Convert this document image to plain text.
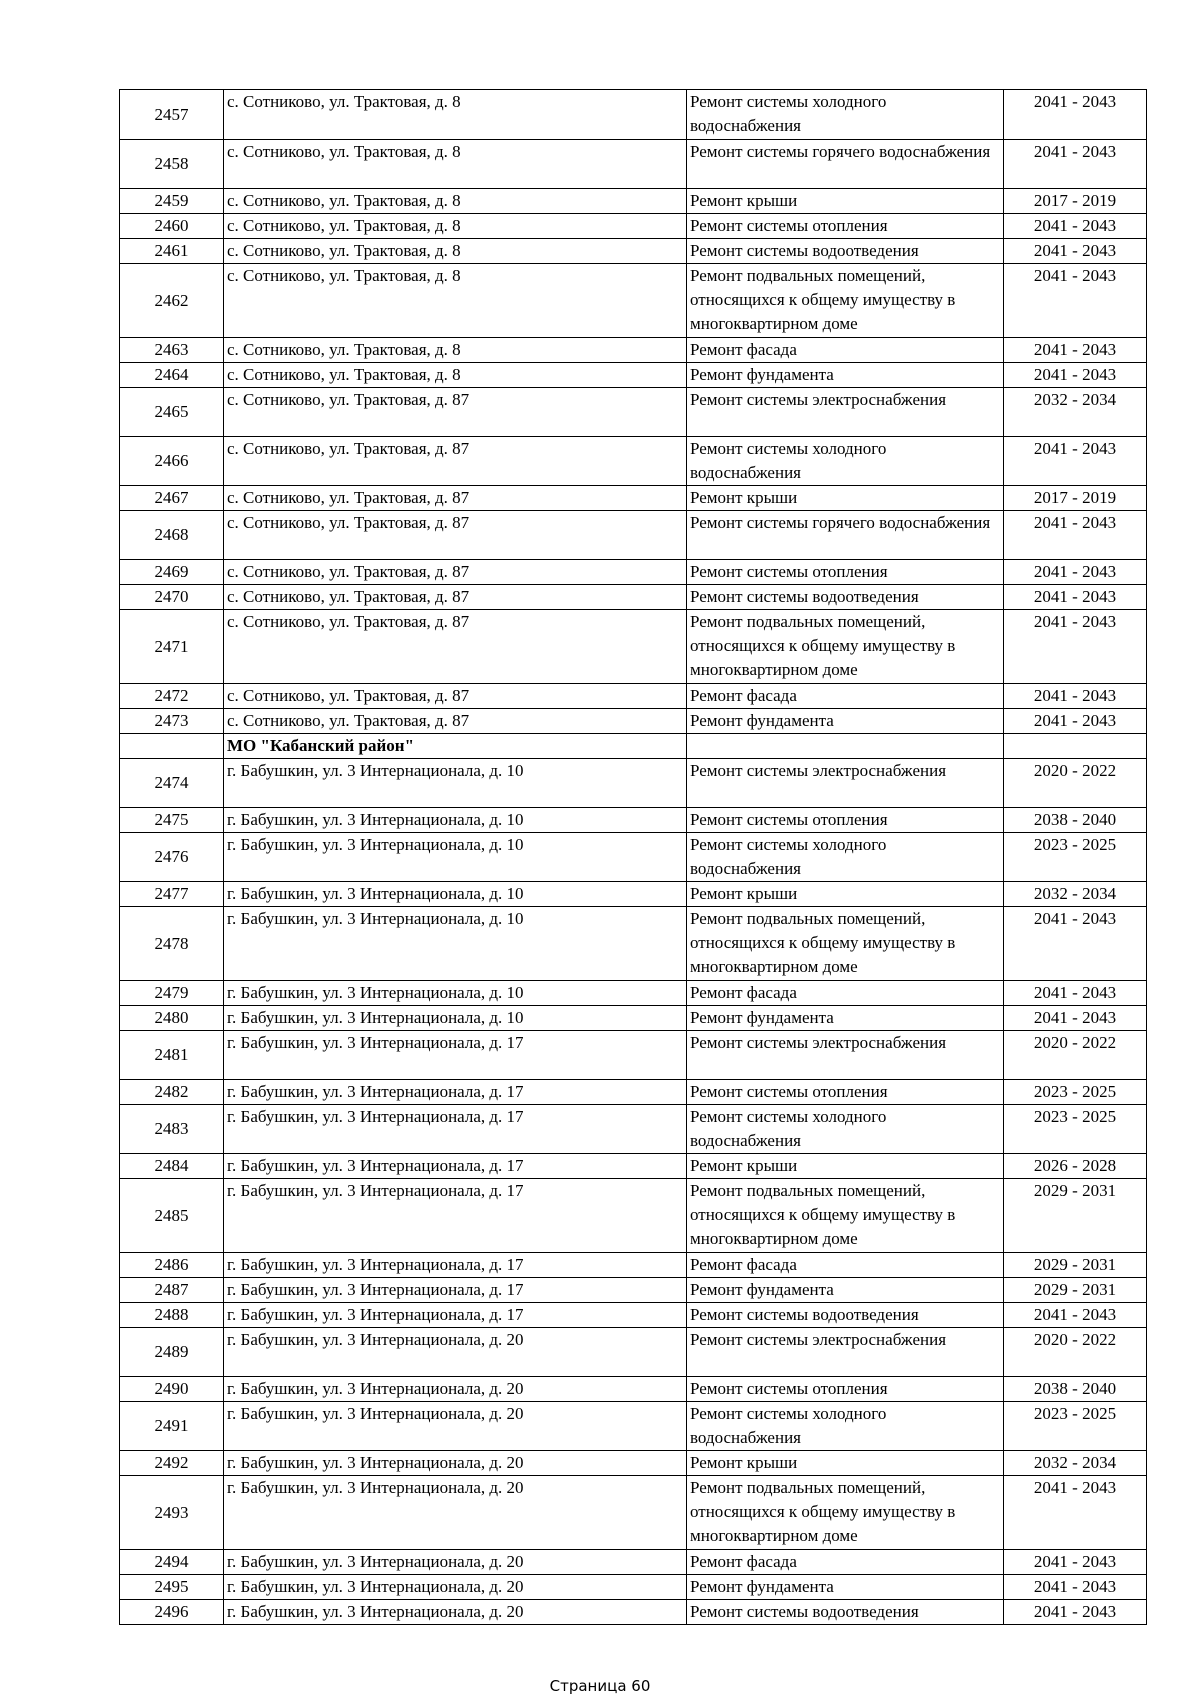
2457	с. Сотниково, ул. Трактовая, д. 8	Ремонт системы холодного водоснабжения	2041 - 2043
2458	с. Сотниково, ул. Трактовая, д. 8	Ремонт системы горячего водоснабжения	2041 - 2043
2459	с. Сотниково, ул. Трактовая, д. 8	Ремонт крыши	2017 - 2019
2460	с. Сотниково, ул. Трактовая, д. 8	Ремонт системы отопления	2041 - 2043
2461	с. Сотниково, ул. Трактовая, д. 8	Ремонт системы водоотведения	2041 - 2043
2462	с. Сотниково, ул. Трактовая, д. 8	Ремонт подвальных помещений, относящихся к общему имуществу в многоквартирном доме	2041 - 2043
2463	с. Сотниково, ул. Трактовая, д. 8	Ремонт фасада	2041 - 2043
2464	с. Сотниково, ул. Трактовая, д. 8	Ремонт фундамента	2041 - 2043
2465	с. Сотниково, ул. Трактовая, д. 87	Ремонт системы электроснабжения	2032 - 2034
2466	с. Сотниково, ул. Трактовая, д. 87	Ремонт системы холодного водоснабжения	2041 - 2043
2467	с. Сотниково, ул. Трактовая, д. 87	Ремонт крыши	2017 - 2019
2468	с. Сотниково, ул. Трактовая, д. 87	Ремонт системы горячего водоснабжения	2041 - 2043
2469	с. Сотниково, ул. Трактовая, д. 87	Ремонт системы отопления	2041 - 2043
2470	с. Сотниково, ул. Трактовая, д. 87	Ремонт системы водоотведения	2041 - 2043
2471	с. Сотниково, ул. Трактовая, д. 87	Ремонт подвальных помещений, относящихся к общему имуществу в многоквартирном доме	2041 - 2043
2472	с. Сотниково, ул. Трактовая, д. 87	Ремонт фасада	2041 - 2043
2473	с. Сотниково, ул. Трактовая, д. 87	Ремонт фундамента	2041 - 2043
	МО "Кабанский район"		
2474	г. Бабушкин, ул. 3 Интернационала, д. 10	Ремонт системы электроснабжения	2020 - 2022
2475	г. Бабушкин, ул. 3 Интернационала, д. 10	Ремонт системы отопления	2038 - 2040
2476	г. Бабушкин, ул. 3 Интернационала, д. 10	Ремонт системы холодного водоснабжения	2023 - 2025
2477	г. Бабушкин, ул. 3 Интернационала, д. 10	Ремонт крыши	2032 - 2034
2478	г. Бабушкин, ул. 3 Интернационала, д. 10	Ремонт подвальных помещений, относящихся к общему имуществу в многоквартирном доме	2041 - 2043
2479	г. Бабушкин, ул. 3 Интернационала, д. 10	Ремонт фасада	2041 - 2043
2480	г. Бабушкин, ул. 3 Интернационала, д. 10	Ремонт фундамента	2041 - 2043
2481	г. Бабушкин, ул. 3 Интернационала, д. 17	Ремонт системы электроснабжения	2020 - 2022
2482	г. Бабушкин, ул. 3 Интернационала, д. 17	Ремонт системы отопления	2023 - 2025
2483	г. Бабушкин, ул. 3 Интернационала, д. 17	Ремонт системы холодного водоснабжения	2023 - 2025
2484	г. Бабушкин, ул. 3 Интернационала, д. 17	Ремонт крыши	2026 - 2028
2485	г. Бабушкин, ул. 3 Интернационала, д. 17	Ремонт подвальных помещений, относящихся к общему имуществу в многоквартирном доме	2029 - 2031
2486	г. Бабушкин, ул. 3 Интернационала, д. 17	Ремонт фасада	2029 - 2031
2487	г. Бабушкин, ул. 3 Интернационала, д. 17	Ремонт фундамента	2029 - 2031
2488	г. Бабушкин, ул. 3 Интернационала, д. 17	Ремонт системы водоотведения	2041 - 2043
2489	г. Бабушкин, ул. 3 Интернационала, д. 20	Ремонт системы электроснабжения	2020 - 2022
2490	г. Бабушкин, ул. 3 Интернационала, д. 20	Ремонт системы отопления	2038 - 2040
2491	г. Бабушкин, ул. 3 Интернационала, д. 20	Ремонт системы холодного водоснабжения	2023 - 2025
2492	г. Бабушкин, ул. 3 Интернационала, д. 20	Ремонт крыши	2032 - 2034
2493	г. Бабушкин, ул. 3 Интернационала, д. 20	Ремонт подвальных помещений, относящихся к общему имуществу в многоквартирном доме	2041 - 2043
2494	г. Бабушкин, ул. 3 Интернационала, д. 20	Ремонт фасада	2041 - 2043
2495	г. Бабушкин, ул. 3 Интернационала, д. 20	Ремонт фундамента	2041 - 2043
2496	г. Бабушкин, ул. 3 Интернационала, д. 20	Ремонт системы водоотведения	2041 - 2043
Страница 60
